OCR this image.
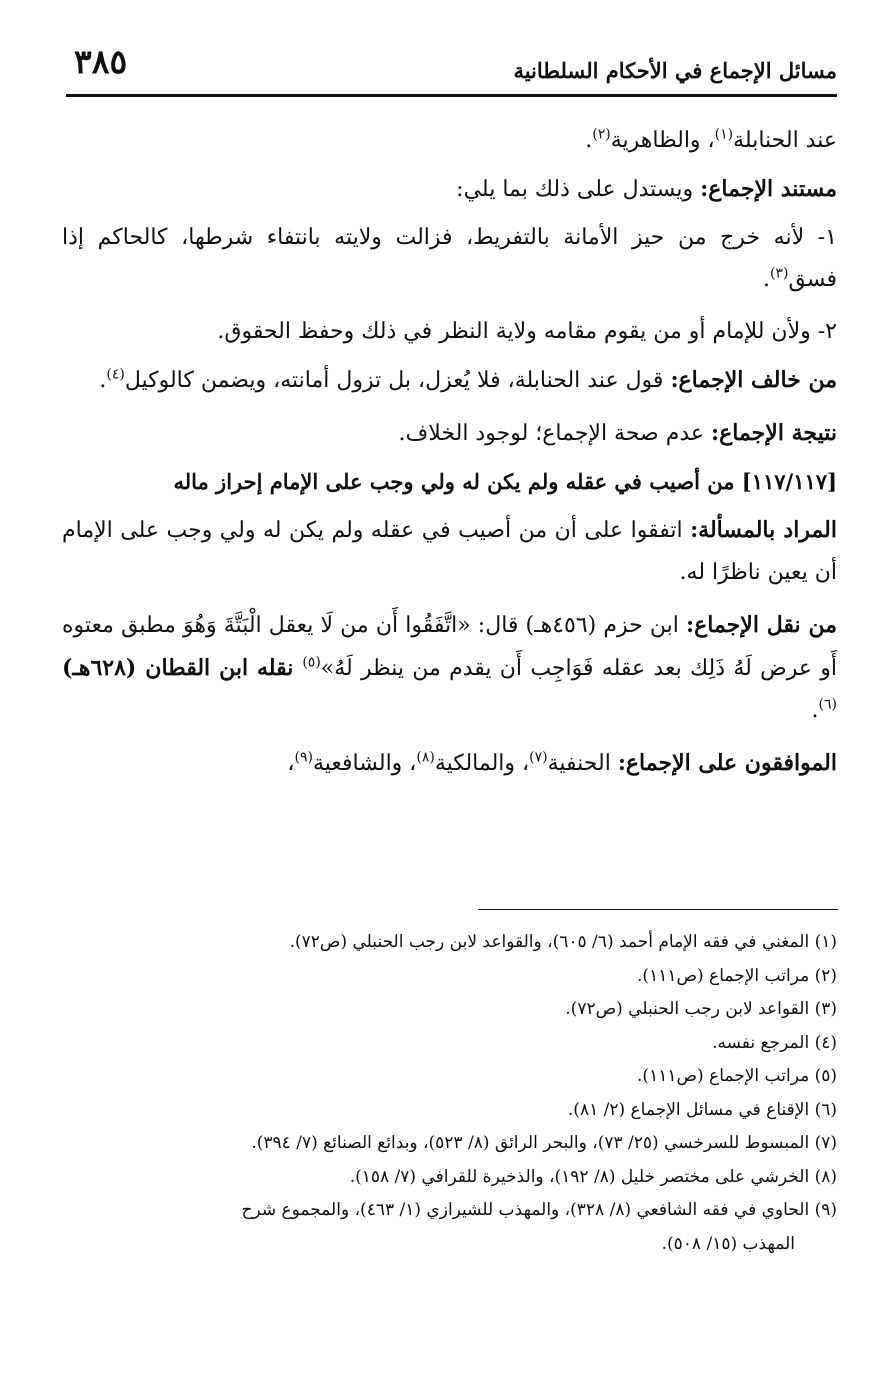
٣٨٥	مسائل الإجماع في الأحكام السلطانية

عند الحنابلة$^{(١)}$، والظاهرية$^{(٢)}$.

مستند الإجماع: ويستدل على ذلك بما يلي:

١- لأنه خرج من حيز الأمانة بالتفريط، فزالت ولايته بانتفاء شرطها، كالحاكم إذا فسق$^{(٣)}$.

٢- ولأن للإمام أو من يقوم مقامه ولاية النظر في ذلك وحفظ الحقوق.

من خالف الإجماع: قول عند الحنابلة، فلا يُعزل، بل تزول أمانته، ويضمن كالوكيل$^{(٤)}$.

نتيجة الإجماع: عدم صحة الإجماع؛ لوجود الخلاف.

[١١٧/١١٧] من أصيب في عقله ولم يكن له ولي وجب على الإمام إحراز ماله

المراد بالمسألة: اتفقوا على أن من أصيب في عقله ولم يكن له ولي وجب على الإمام أن يعين ناظرًا له.

من نقل الإجماع: ابن حزم (٤٥٦هـ) قال: «اتَّفَقُوا أَن من لَا يعقل الْبَتَّةَ وَهُوَ مطبق معتوه أَو عرض لَهُ ذَلِك بعد عقله فَوَاجِب أَن يقدم من ينظر لَهُ»$^{(٥)}$ نقله ابن القطان (٦٢٨هـ)$^{(٦)}$.

الموافقون على الإجماع: الحنفية$^{(٧)}$، والمالكية$^{(٨)}$، والشافعية$^{(٩)}$،

(١) المغني في فقه الإمام أحمد (٦/ ٦٠٥)، والقواعد لابن رجب الحنبلي (ص٧٢).
(٢) مراتب الإجماع (ص١١١).
(٣) القواعد لابن رجب الحنبلي (ص٧٢).
(٤) المرجع نفسه.
(٥) مراتب الإجماع (ص١١١).
(٦) الإقناع في مسائل الإجماع (٢/ ٨١).
(٧) المبسوط للسرخسي (٢٥/ ٧٣)، والبحر الرائق (٨/ ٥٢٣)، وبدائع الصنائع (٧/ ٣٩٤).
(٨) الخرشي على مختصر خليل (٨/ ١٩٢)، والذخيرة للقرافي (٧/ ١٥٨).
(٩) الحاوي في فقه الشافعي (٨/ ٣٢٨)، والمهذب للشيرازي (١/ ٤٦٣)، والمجموع شرح
المهذب (١٥/ ٥٠٨).
